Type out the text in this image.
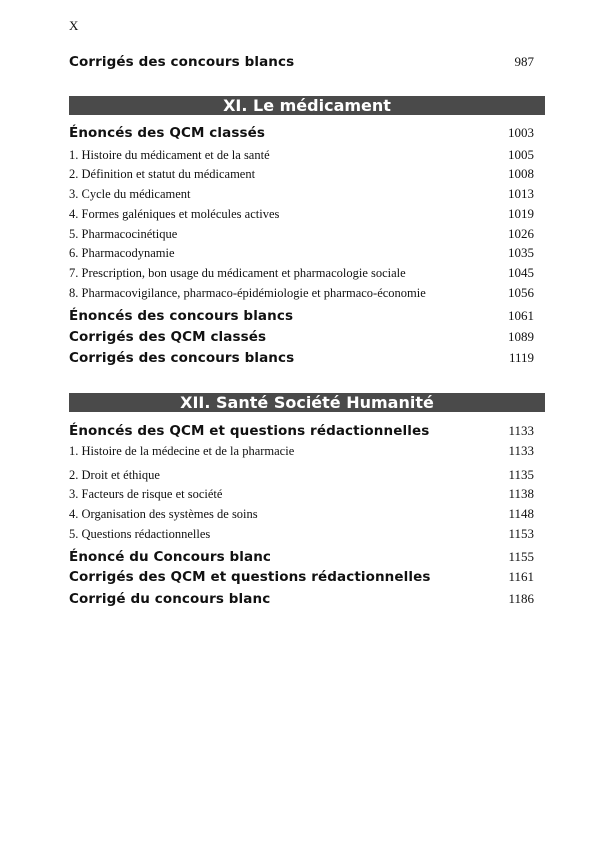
X
Corrigés des concours blancs	987
XI. Le médicament
Énoncés des QCM classés	1003
1. Histoire du médicament et de la santé	1005
2. Définition et statut du médicament	1008
3. Cycle du médicament	1013
4. Formes galéniques et molécules actives	1019
5. Pharmacocinétique	1026
6. Pharmacodynamie	1035
7. Prescription, bon usage du médicament et pharmacologie sociale	1045
8. Pharmacovigilance, pharmaco-épidémiologie et pharmaco-économie	1056
Énoncés des concours blancs	1061
Corrigés des QCM classés	1089
Corrigés des concours blancs	1119
XII. Santé Société Humanité
Énoncés des QCM et questions rédactionnelles	1133
1. Histoire de la médecine et de la pharmacie	1133
2. Droit et éthique	1135
3. Facteurs de risque et société	1138
4. Organisation des systèmes de soins	1148
5. Questions rédactionnelles	1153
Énoncé du Concours blanc	1155
Corrigés des QCM et questions rédactionnelles	1161
Corrigé du concours blanc	1186
